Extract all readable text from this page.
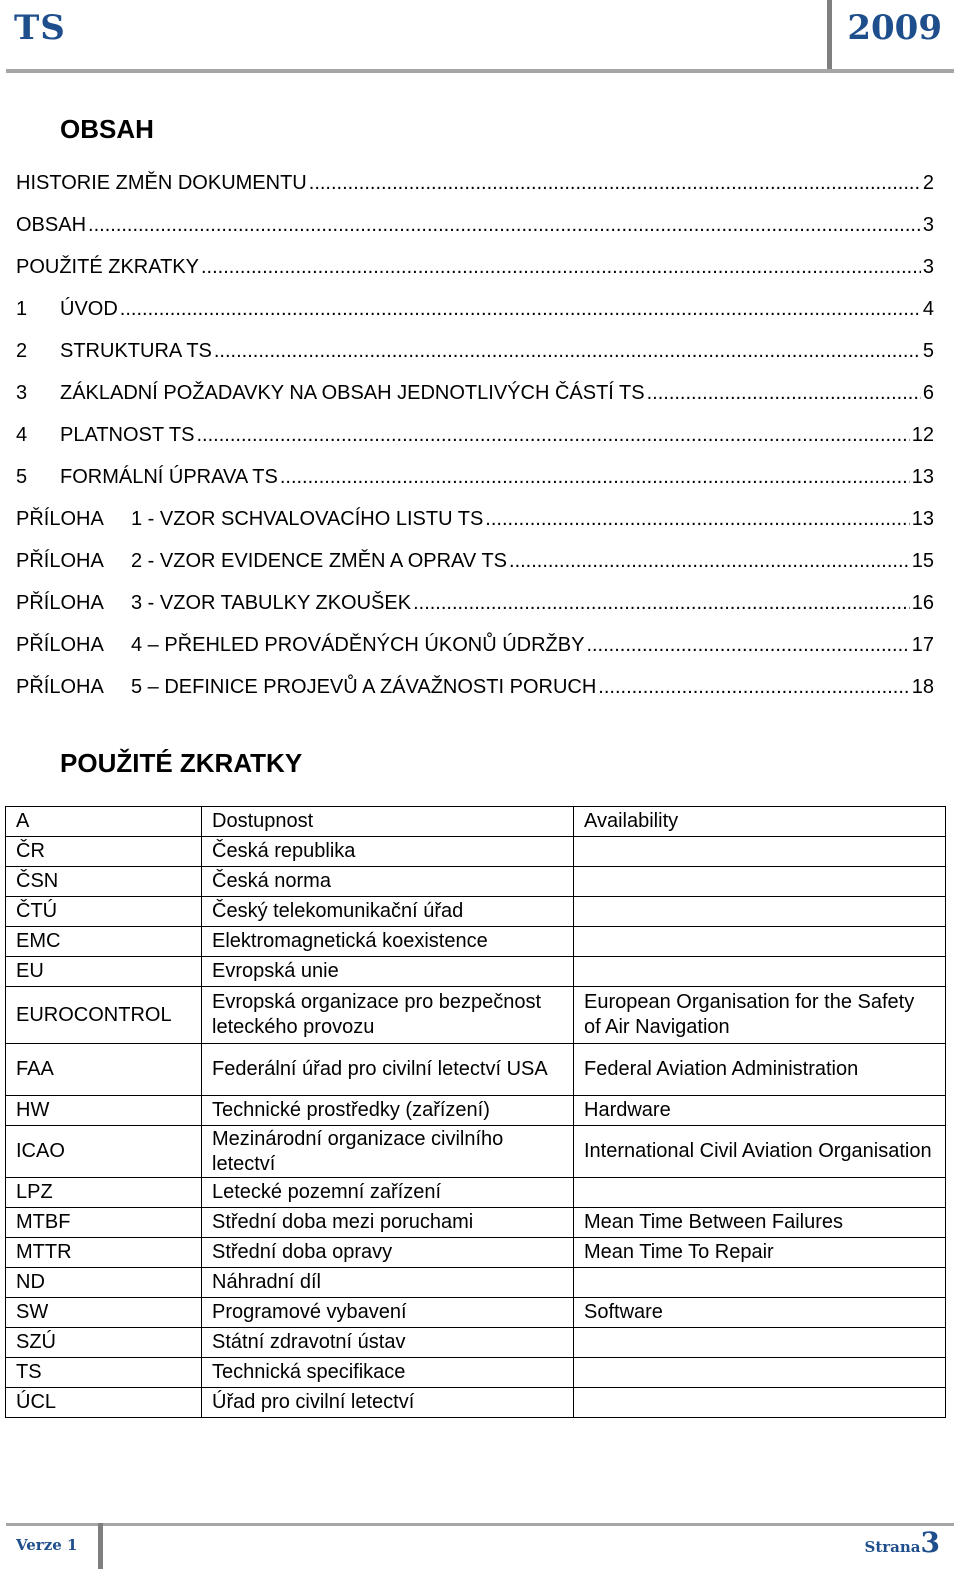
TS	2009
OBSAH
HISTORIE ZMĚN DOKUMENTU .....	2
OBSAH .....	3
POUŽITÉ ZKRATKY .....	3
1	ÚVOD .....	4
2	STRUKTURA TS .....	5
3	ZÁKLADNÍ POŽADAVKY NA OBSAH JEDNOTLIVÝCH ČÁSTÍ TS .....	6
4	PLATNOST TS .....	12
5	FORMÁLNÍ ÚPRAVA TS .....	13
PŘÍLOHA	1 - VZOR SCHVALOVACÍHO LISTU TS .....	13
PŘÍLOHA	2 - VZOR EVIDENCE ZMĚN A OPRAV TS .....	15
PŘÍLOHA	3 - VZOR TABULKY ZKOUŠEK .....	16
PŘÍLOHA	4 – PŘEHLED PROVÁDĚNÝCH ÚKONŮ ÚDRŽBY .....	17
PŘÍLOHA	5 – DEFINICE PROJEVŮ A ZÁVAŽNOSTI PORUCH .....	18
POUŽITÉ ZKRATKY
A	Dostupnost	Availability
ČR	Česká republika	
ČSN	Česká norma	
ČTÚ	Český telekomunikační úřad	
EMC	Elektromagnetická koexistence	
EU	Evropská unie	
EUROCONTROL	Evropská organizace pro bezpečnost leteckého provozu	European Organisation for the Safety of Air Navigation
FAA	Federální úřad pro civilní letectví USA	Federal Aviation Administration
HW	Technické prostředky (zařízení)	Hardware
ICAO	Mezinárodní organizace civilního letectví	International Civil Aviation Organisation
LPZ	Letecké pozemní zařízení	
MTBF	Střední doba mezi poruchami	Mean Time Between Failures
MTTR	Střední doba opravy	Mean Time To Repair
ND	Náhradní díl	
SW	Programové vybavení	Software
SZÚ	Státní zdravotní ústav	
TS	Technická specifikace	
ÚCL	Úřad pro civilní letectví	
Verze 1	Strana3
